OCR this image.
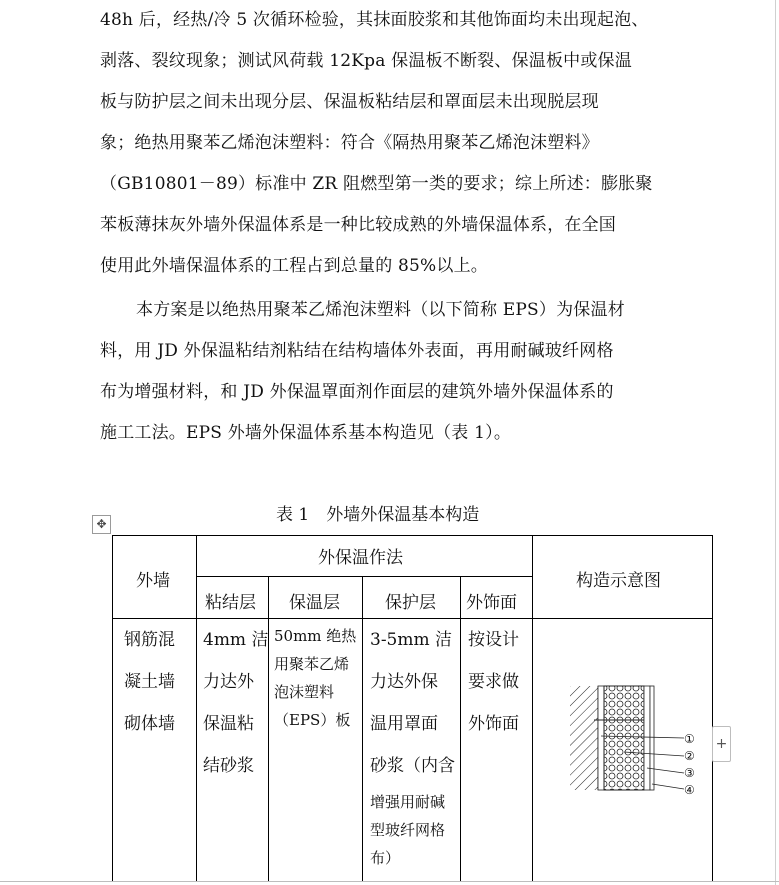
48h 后，经热/冷 5 次循环检验，其抹面胶浆和其他饰面均未出现起泡、
剥落、裂纹现象；测试风荷载 12Kpa 保温板不断裂、保温板中或保温
板与防护层之间未出现分层、保温板粘结层和罩面层未出现脱层现
象；绝热用聚苯乙烯泡沫塑料：符合《隔热用聚苯乙烯泡沫塑料》
（GB10801－89）标准中 ZR 阻燃型第一类的要求；综上所述：膨胀聚
苯板薄抹灰外墙外保温体系是一种比较成熟的外墙保温体系，在全国
使用此外墙保温体系的工程占到总量的 85%以上。
本方案是以绝热用聚苯乙烯泡沫塑料（以下简称 EPS）为保温材
料，用 JD 外保温粘结剂粘结在结构墙体外表面，再用耐碱玻纤网格
布为增强材料，和 JD 外保温罩面剂作面层的建筑外墙外保温体系的
施工工法。EPS 外墙外保温体系基本构造见（表 1）。
表 1　外墙外保温基本构造
✥
外墙
外保温作法
粘结层 保温层	保护层 外饰面
构造示意图
钢筋混
凝土墙
砌体墙
4mm 洁
力达外
保温粘
结砂浆
50mm 绝热
用聚苯乙烯
泡沫塑料
（EPS）板
3-5mm 洁
力达外保
温用罩面
砂浆（内含
增强用耐碱
型玻纤网格
布）
按设计
要求做
外饰面
①
②
③
④
+
